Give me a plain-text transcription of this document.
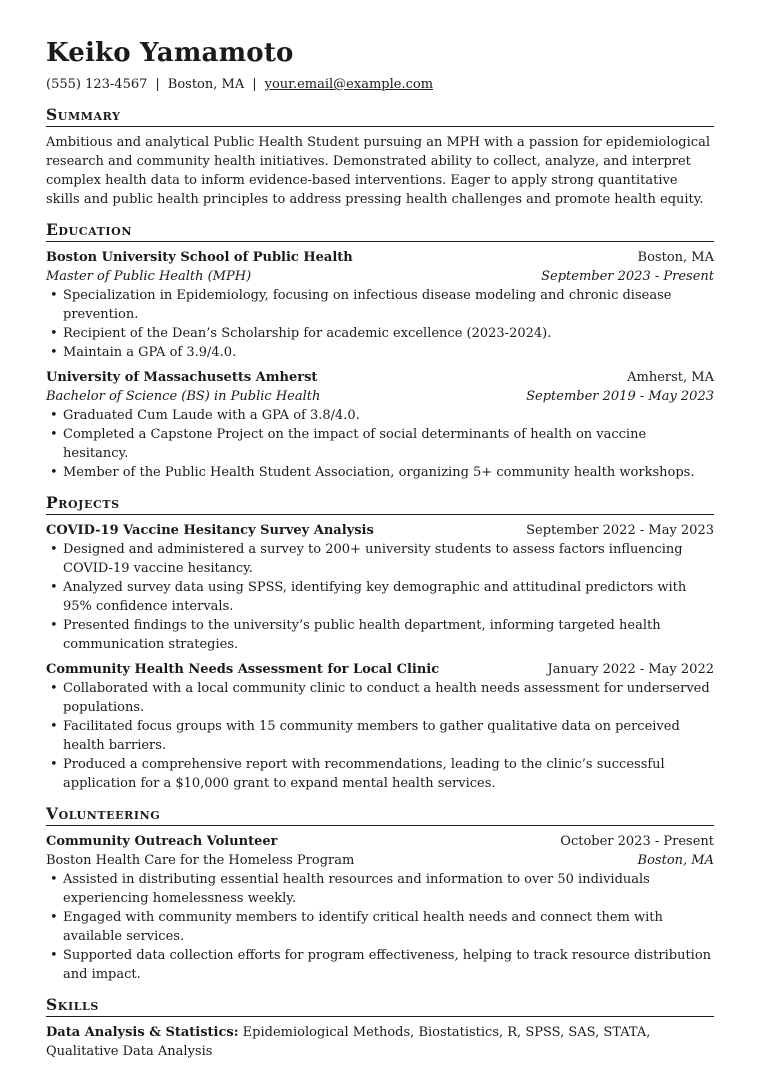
Keiko Yamamoto
(555) 123-4567 | Boston, MA | your.email@example.com
Summary
Ambitious and analytical Public Health Student pursuing an MPH with a passion for epidemiological research and community health initiatives. Demonstrated ability to collect, analyze, and interpret complex health data to inform evidence-based interventions. Eager to apply strong quantitative skills and public health principles to address pressing health challenges and promote health equity.
Education
Boston University School of Public Health	Boston, MA
Master of Public Health (MPH)	September 2023 - Present
• Specialization in Epidemiology, focusing on infectious disease modeling and chronic disease prevention.
• Recipient of the Dean’s Scholarship for academic excellence (2023-2024).
• Maintain a GPA of 3.9/4.0.
University of Massachusetts Amherst	Amherst, MA
Bachelor of Science (BS) in Public Health	September 2019 - May 2023
• Graduated Cum Laude with a GPA of 3.8/4.0.
• Completed a Capstone Project on the impact of social determinants of health on vaccine hesitancy.
• Member of the Public Health Student Association, organizing 5+ community health workshops.
Projects
COVID-19 Vaccine Hesitancy Survey Analysis	September 2022 - May 2023
• Designed and administered a survey to 200+ university students to assess factors influencing COVID-19 vaccine hesitancy.
• Analyzed survey data using SPSS, identifying key demographic and attitudinal predictors with 95% confidence intervals.
• Presented findings to the university’s public health department, informing targeted health communication strategies.
Community Health Needs Assessment for Local Clinic	January 2022 - May 2022
• Collaborated with a local community clinic to conduct a health needs assessment for underserved populations.
• Facilitated focus groups with 15 community members to gather qualitative data on perceived health barriers.
• Produced a comprehensive report with recommendations, leading to the clinic’s successful application for a $10,000 grant to expand mental health services.
Volunteering
Community Outreach Volunteer	October 2023 - Present
Boston Health Care for the Homeless Program	Boston, MA
• Assisted in distributing essential health resources and information to over 50 individuals experiencing homelessness weekly.
• Engaged with community members to identify critical health needs and connect them with available services.
• Supported data collection efforts for program effectiveness, helping to track resource distribution and impact.
Skills
Data Analysis & Statistics: Epidemiological Methods, Biostatistics, R, SPSS, SAS, STATA, Qualitative Data Analysis
